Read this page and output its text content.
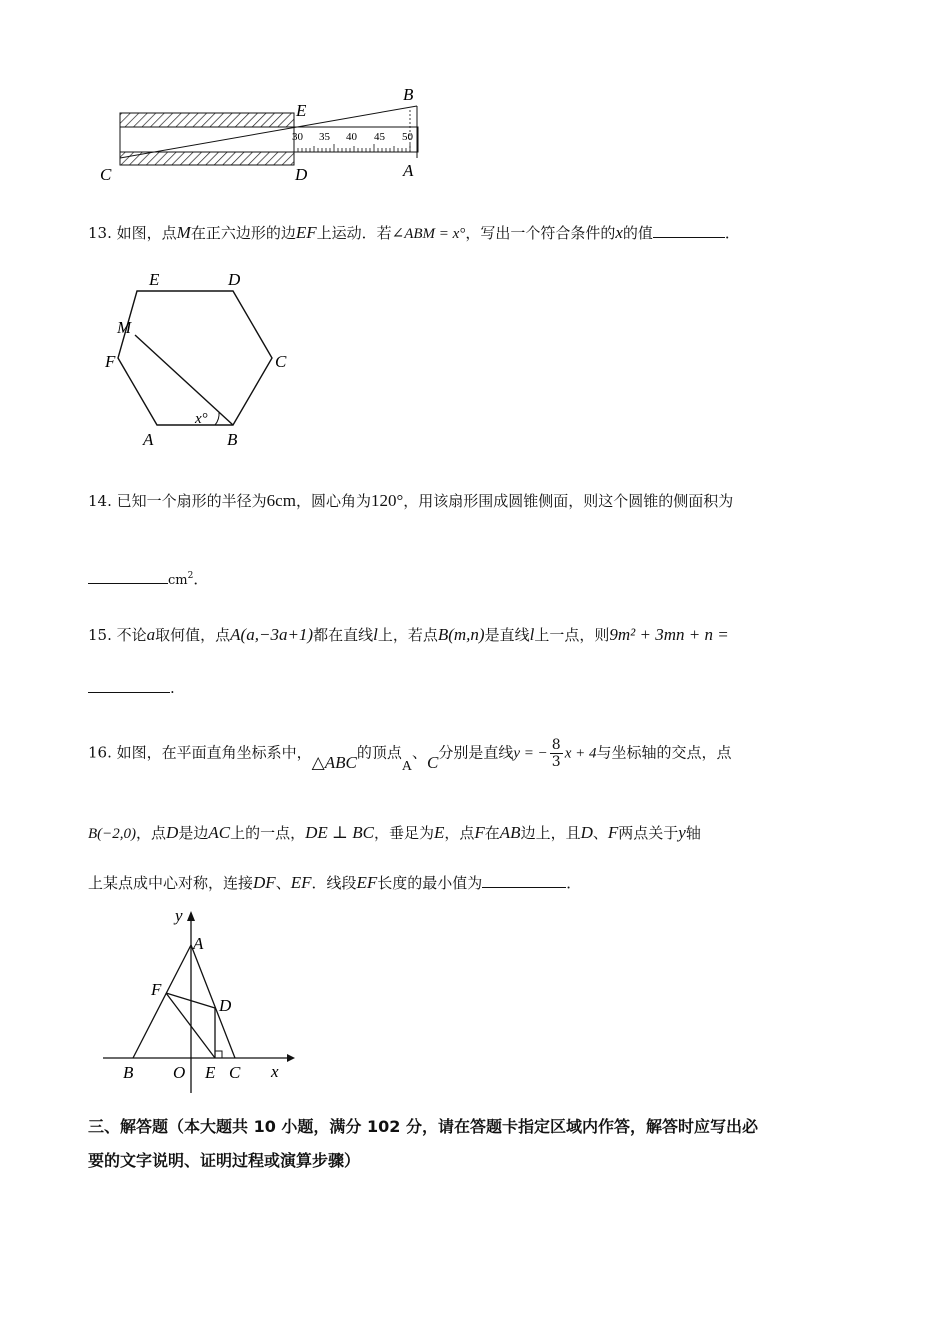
30 35 40 45 50
B
E
C	D	A
13. 如图，点M在正六边形的边EF上运动．若∠ABM = x°，写出一个符合条件的x的值	．
E	D
M
F	C
A	B
x°
14. 已知一个扇形的半径为6cm，圆心角为120°，用该扇形围成圆锥侧面，则这个圆锥的侧面积为
$cm^2$．
15. 不论a取何值，点A(a,−3a+1)都在直线l上，若点B(m,n)是直线l上一点，则9m² + 3mn + n =
.
16. 如图，在平面直角坐标系中，△ABC的顶点A、C分别是直线y = − $\frac{8}{3}$ x + 4与坐标轴的交点，点
B(−2,0)，点D是边AC上的一点，DE ⊥ BC，垂足为E，点F在AB边上，且D、F两点关于y轴
上某点成中心对称，连接DF、EF．线段EF长度的最小值为	．
y
A
F
D
B O E C x
三、解答题（本大题共 10 小题，满分 102 分，请在答题卡指定区域内作答，解答时应写出必
要的文字说明、证明过程或演算步骤）
